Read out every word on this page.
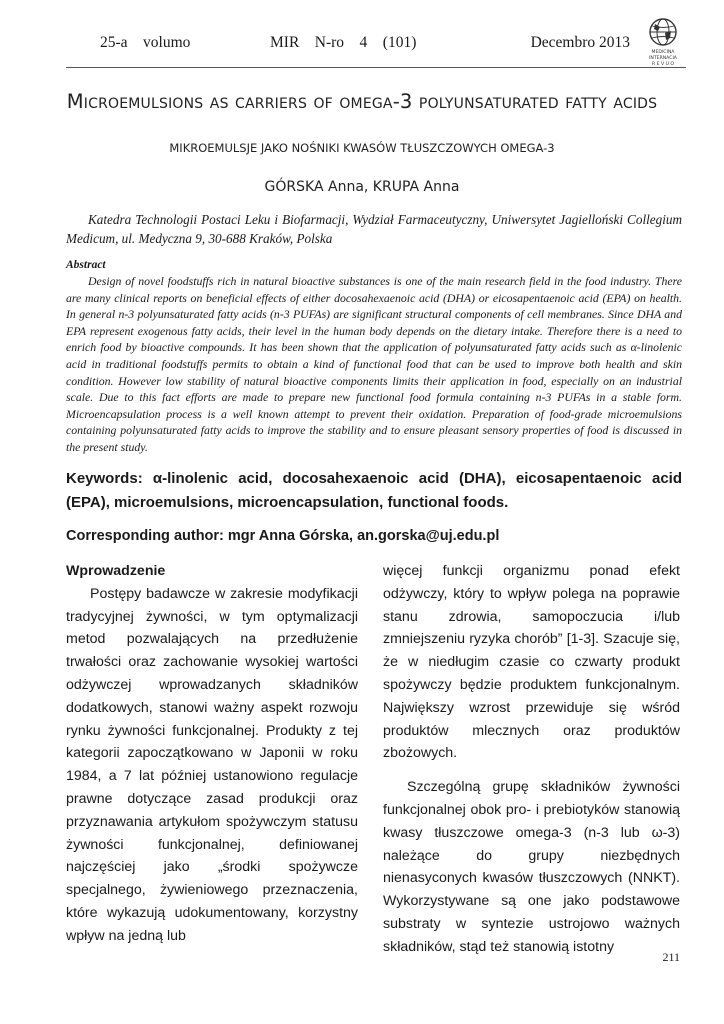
25-a    volumo	MIR    N-ro    4    (101)	Decembro 2013
MEDICINA
INTERNACIA
R E V U O
Microemulsions as carriers of omega-3 polyunsaturated fatty acids
MIKROEMULSJE JAKO NOŚNIKI KWASÓW TŁUSZCZOWYCH OMEGA-3
GÓRSKA Anna, KRUPA Anna
Katedra Technologii Postaci Leku i Biofarmacji, Wydział Farmaceutyczny, Uniwersytet Jagielloński Collegium Medicum, ul. Medyczna 9, 30-688 Kraków, Polska
Abstract
Design of novel foodstuffs rich in natural bioactive substances is one of the main research field in the food industry. There are many clinical reports on beneficial effects of either docosahexaenoic acid (DHA) or eicosapentaenoic acid (EPA) on health. In general n-3 polyunsaturated fatty acids (n-3 PUFAs) are significant structural components of cell membranes. Since DHA and EPA represent exogenous fatty acids, their level in the human body depends on the dietary intake. Therefore there is a need to enrich food by bioactive compounds. It has been shown that the application of polyunsaturated fatty acids such as α-linolenic acid in traditional foodstuffs permits to obtain a kind of functional food that can be used to improve both health and skin condition. However low stability of natural bioactive components limits their application in food, especially on an industrial scale. Due to this fact efforts are made to prepare new functional food formula containing n-3 PUFAs in a stable form. Microencapsulation process is a well known attempt to prevent their oxidation. Preparation of food-grade microemulsions containing polyunsaturated fatty acids to improve the stability and to ensure pleasant sensory properties of food is discussed in the present study.
Keywords: α-linolenic acid, docosahexaenoic acid (DHA), eicosapentaenoic acid (EPA), microemulsions, microencapsulation, functional foods.
Corresponding author: mgr Anna Górska, an.gorska@uj.edu.pl
Wprowadzenie

Postępy badawcze w zakresie modyfikacji tradycyjnej żywności, w tym optymalizacji metod pozwalających na przedłużenie trwałości oraz zachowanie wysokiej wartości odżywczej wprowadzanych składników dodatkowych, stanowi ważny aspekt rozwoju rynku żywności funkcjonalnej. Produkty z tej kategorii zapoczątkowano w Japonii w roku 1984, a 7 lat później ustanowiono regulacje prawne dotyczące zasad produkcji oraz przyznawania artykułom spożywczym statusu żywności funkcjonalnej, definiowanej najczęściej jako „środki spożywcze specjalnego, żywieniowego przeznaczenia, które wykazują udokumentowany, korzystny wpływ na jedną lub

więcej funkcji organizmu ponad efekt odżywczy, który to wpływ polega na poprawie stanu zdrowia, samopoczucia i/lub zmniejszeniu ryzyka chorób” [1-3]. Szacuje się, że w niedługim czasie co czwarty produkt spożywczy będzie produktem funkcjonalnym. Największy wzrost przewiduje się wśród produktów mlecznych oraz produktów zbożowych.

Szczególną grupę składników żywności funkcjonalnej obok pro- i prebiotyków stanowią kwasy tłuszczowe omega-3 (n-3 lub ω-3) należące do grupy niezbędnych nienasyconych kwasów tłuszczowych (NNKT). Wykorzystywane są one jako podstawowe substraty w syntezie ustrojowo ważnych składników, stąd też stanowią istotny

211
